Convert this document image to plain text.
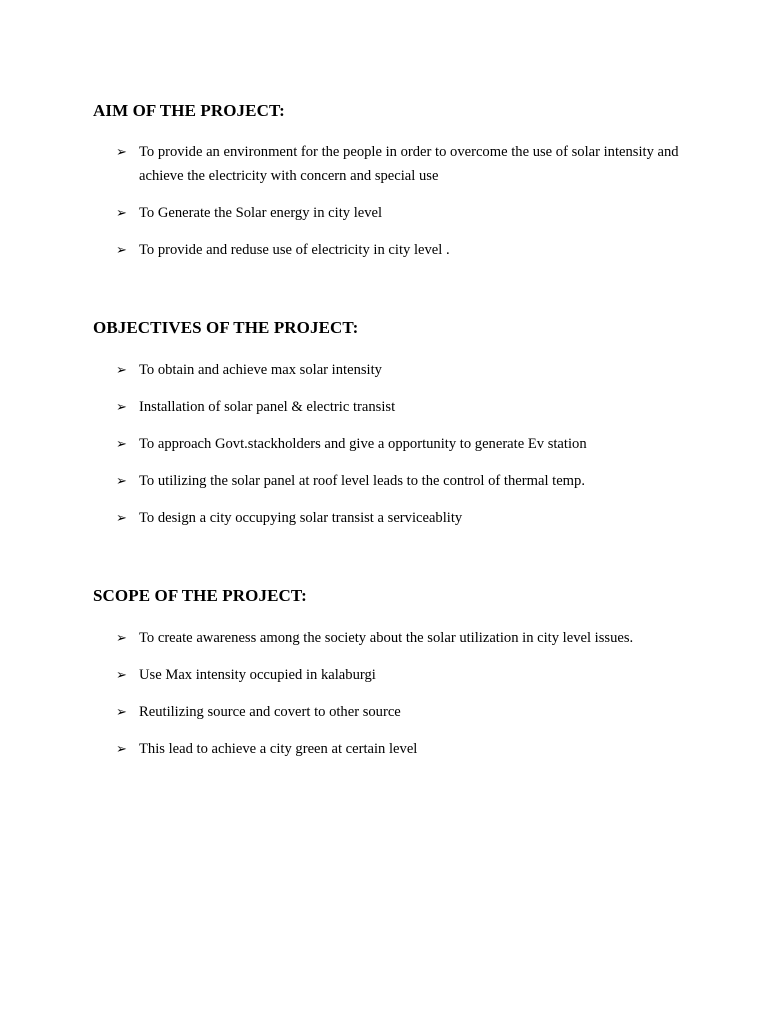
AIM OF THE PROJECT:
➢ To provide an environment for the people in order to overcome the use of solar intensity and achieve the electricity with concern and special use
➢ To Generate the Solar energy in city level
➢ To provide and reduse use of electricity in city level .
OBJECTIVES OF THE PROJECT:
➢ To obtain and achieve max solar intensity
➢ Installation of solar panel & electric transist
➢ To approach Govt.stackholders and give a opportunity to generate Ev station
➢ To utilizing the solar panel at roof level leads to the control of thermal temp.
➢ To design a city occupying solar transist a serviceablity
SCOPE OF THE PROJECT:
➢ To create awareness among the society about the solar utilization in city level issues.
➢ Use Max intensity occupied in kalaburgi
➢ Reutilizing source and covert to other source
➢ This lead to achieve a city green at certain level
